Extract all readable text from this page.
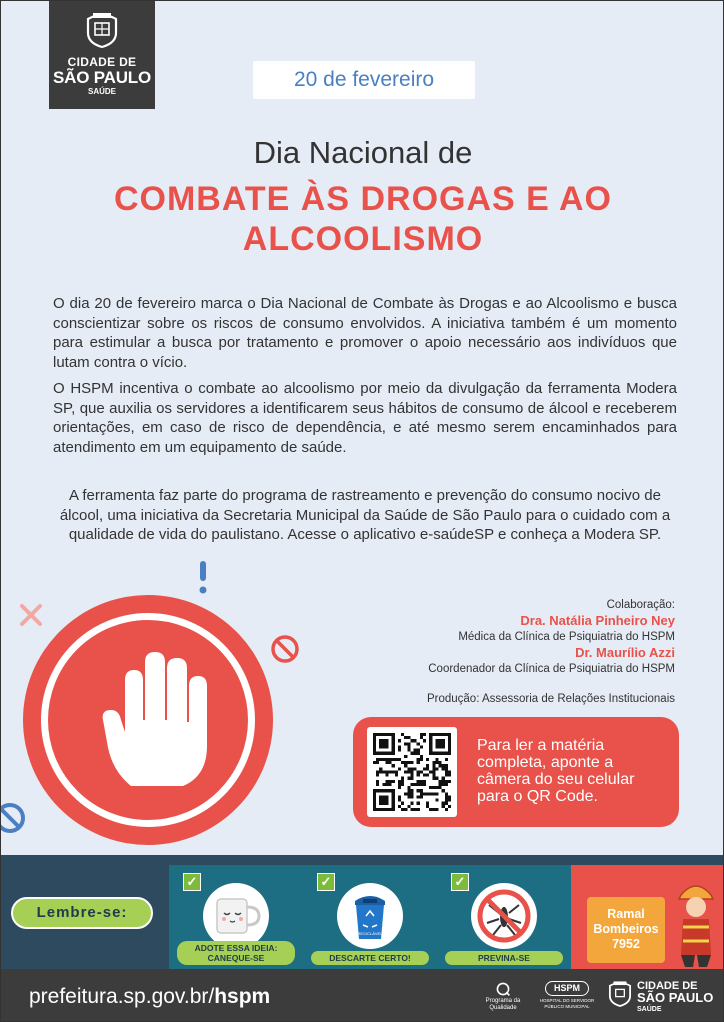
CIDADE DE
SÃO PAULO
SAÚDE
20 de fevereiro
Dia Nacional de
COMBATE ÀS DROGAS E AO ALCOOLISMO

O dia 20 de fevereiro marca o Dia Nacional de Combate às Drogas e ao Alcoolismo e busca conscientizar sobre os riscos de consumo envolvidos. A iniciativa também é um momento para estimular a busca por tratamento e promover o apoio necessário aos indivíduos que lutam contra o vício.

O HSPM incentiva o combate ao alcoolismo por meio da divulgação da ferramenta Modera SP, que auxilia os servidores a identificarem seus hábitos de consumo de álcool e receberem orientações, em caso de risco de dependência, e até mesmo serem encaminhados para atendimento em um equipamento de saúde.

A ferramenta faz parte do programa de rastreamento e prevenção do consumo nocivo de álcool, uma iniciativa da Secretaria Municipal da Saúde de São Paulo para o cuidado com a qualidade de vida do paulistano. Acesse o aplicativo e-saúdeSP e conheça a Modera SP.

Colaboração:
Dra. Natália Pinheiro Ney
Médica da Clínica de Psiquiatria do HSPM
Dr. Maurílio Azzi
Coordenador da Clínica de Psiquiatria do HSPM
Produção: Assessoria de Relações Institucionais
Para ler a matéria completa, aponte a câmera do seu celular para o QR Code.
Lembre-se:
✓
ADOTE ESSA IDEIA: CANEQUE-SE
✓
RECICLÁVEL
DESCARTE CERTO!
✓
PREVINA-SE
Ramal
Bombeiros
7952
prefeitura.sp.gov.br/hspm	Programa da Qualidade
HSPM
HOSPITAL DO SERVIDOR PÚBLICO MUNICIPAL
CIDADE DE
SÃO PAULO
SAÚDE
